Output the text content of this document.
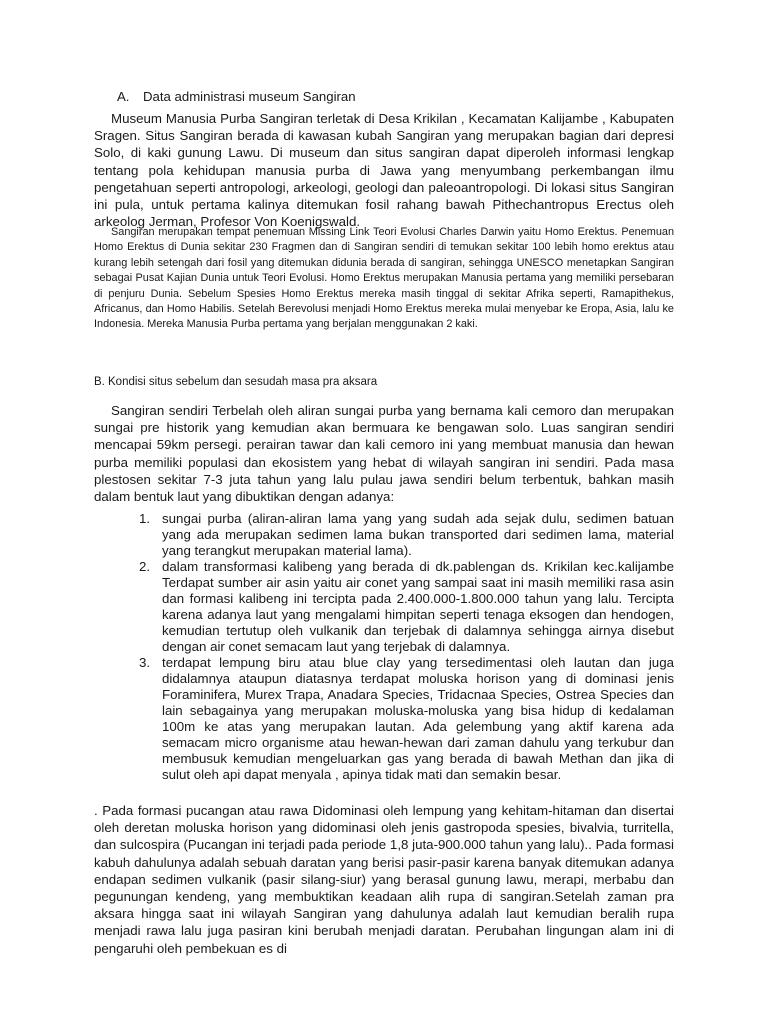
A. Data administrasi museum Sangiran

Museum Manusia Purba Sangiran terletak di Desa Krikilan , Kecamatan Kalijambe , Kabupaten Sragen. Situs Sangiran berada di kawasan kubah Sangiran yang merupakan bagian dari depresi Solo, di kaki gunung Lawu. Di museum dan situs sangiran dapat diperoleh informasi lengkap tentang pola kehidupan manusia purba di Jawa yang menyumbang perkembangan ilmu pengetahuan seperti antropologi, arkeologi, geologi dan paleoantropologi. Di lokasi situs Sangiran ini pula, untuk pertama kalinya ditemukan fosil rahang bawah Pithechantropus Erectus oleh arkeolog Jerman, Profesor Von Koenigswald.

Sangiran merupakan tempat penemuan Missing Link Teori Evolusi Charles Darwin yaitu Homo Erektus. Penemuan Homo Erektus di Dunia sekitar 230 Fragmen dan di Sangiran sendiri di temukan sekitar 100 lebih homo erektus atau kurang lebih setengah dari fosil yang ditemukan didunia berada di sangiran, sehingga UNESCO menetapkan Sangiran sebagai Pusat Kajian Dunia untuk Teori Evolusi. Homo Erektus merupakan Manusia pertama yang memiliki persebaran di penjuru Dunia. Sebelum Spesies Homo Erektus mereka masih tinggal di sekitar Afrika seperti, Ramapithekus, Africanus, dan Homo Habilis. Setelah Berevolusi menjadi Homo Erektus mereka mulai menyebar ke Eropa, Asia, lalu ke Indonesia. Mereka Manusia Purba pertama yang berjalan menggunakan 2 kaki.

B. Kondisi situs sebelum dan sesudah masa pra aksara

Sangiran sendiri Terbelah oleh aliran sungai purba yang bernama kali cemoro dan merupakan sungai pre historik yang kemudian akan bermuara ke bengawan solo. Luas sangiran sendiri mencapai 59km persegi. perairan tawar dan kali cemoro ini yang membuat manusia dan hewan purba memiliki populasi dan ekosistem yang hebat di wilayah sangiran ini sendiri. Pada masa plestosen sekitar 7-3 juta tahun yang lalu pulau jawa sendiri belum terbentuk, bahkan masih dalam bentuk laut yang dibuktikan dengan adanya:

1. sungai purba (aliran-aliran lama yang yang sudah ada sejak dulu, sedimen batuan yang ada merupakan sedimen lama bukan transported dari sedimen lama, material yang terangkut merupakan material lama).
2. dalam transformasi kalibeng yang berada di dk.pablengan ds. Krikilan kec.kalijambe Terdapat sumber air asin yaitu air conet yang sampai saat ini masih memiliki rasa asin dan formasi kalibeng ini tercipta pada 2.400.000-1.800.000 tahun yang lalu. Tercipta karena adanya laut yang mengalami himpitan seperti tenaga eksogen dan hendogen, kemudian tertutup oleh vulkanik dan terjebak di dalamnya sehingga airnya disebut dengan air conet semacam laut yang terjebak di dalamnya.
3. terdapat lempung biru atau blue clay yang tersedimentasi oleh lautan dan juga didalamnya ataupun diatasnya terdapat moluska horison yang di dominasi jenis Foraminifera, Murex Trapa, Anadara Species, Tridacnaa Species, Ostrea Species dan lain sebagainya yang merupakan moluska-moluska yang bisa hidup di kedalaman 100m ke atas yang merupakan lautan. Ada gelembung yang aktif karena ada semacam micro organisme atau hewan-hewan dari zaman dahulu yang terkubur dan membusuk kemudian mengeluarkan gas yang berada di bawah Methan dan jika di sulut oleh api dapat menyala , apinya tidak mati dan semakin besar.

. Pada formasi pucangan atau rawa Didominasi oleh lempung yang kehitam-hitaman dan disertai oleh deretan moluska horison yang didominasi oleh jenis gastropoda spesies, bivalvia, turritella, dan sulcospira (Pucangan ini terjadi pada periode 1,8 juta-900.000 tahun yang lalu).. Pada formasi kabuh dahulunya adalah sebuah daratan yang berisi pasir-pasir karena banyak ditemukan adanya endapan sedimen vulkanik (pasir silang-siur) yang berasal gunung lawu, merapi, merbabu dan pegunungan kendeng, yang membuktikan keadaan alih rupa di sangiran.Setelah zaman pra aksara hingga saat ini wilayah Sangiran yang dahulunya adalah laut kemudian beralih rupa menjadi rawa lalu juga pasiran kini berubah menjadi daratan. Perubahan lingungan alam ini di pengaruhi oleh pembekuan es di
